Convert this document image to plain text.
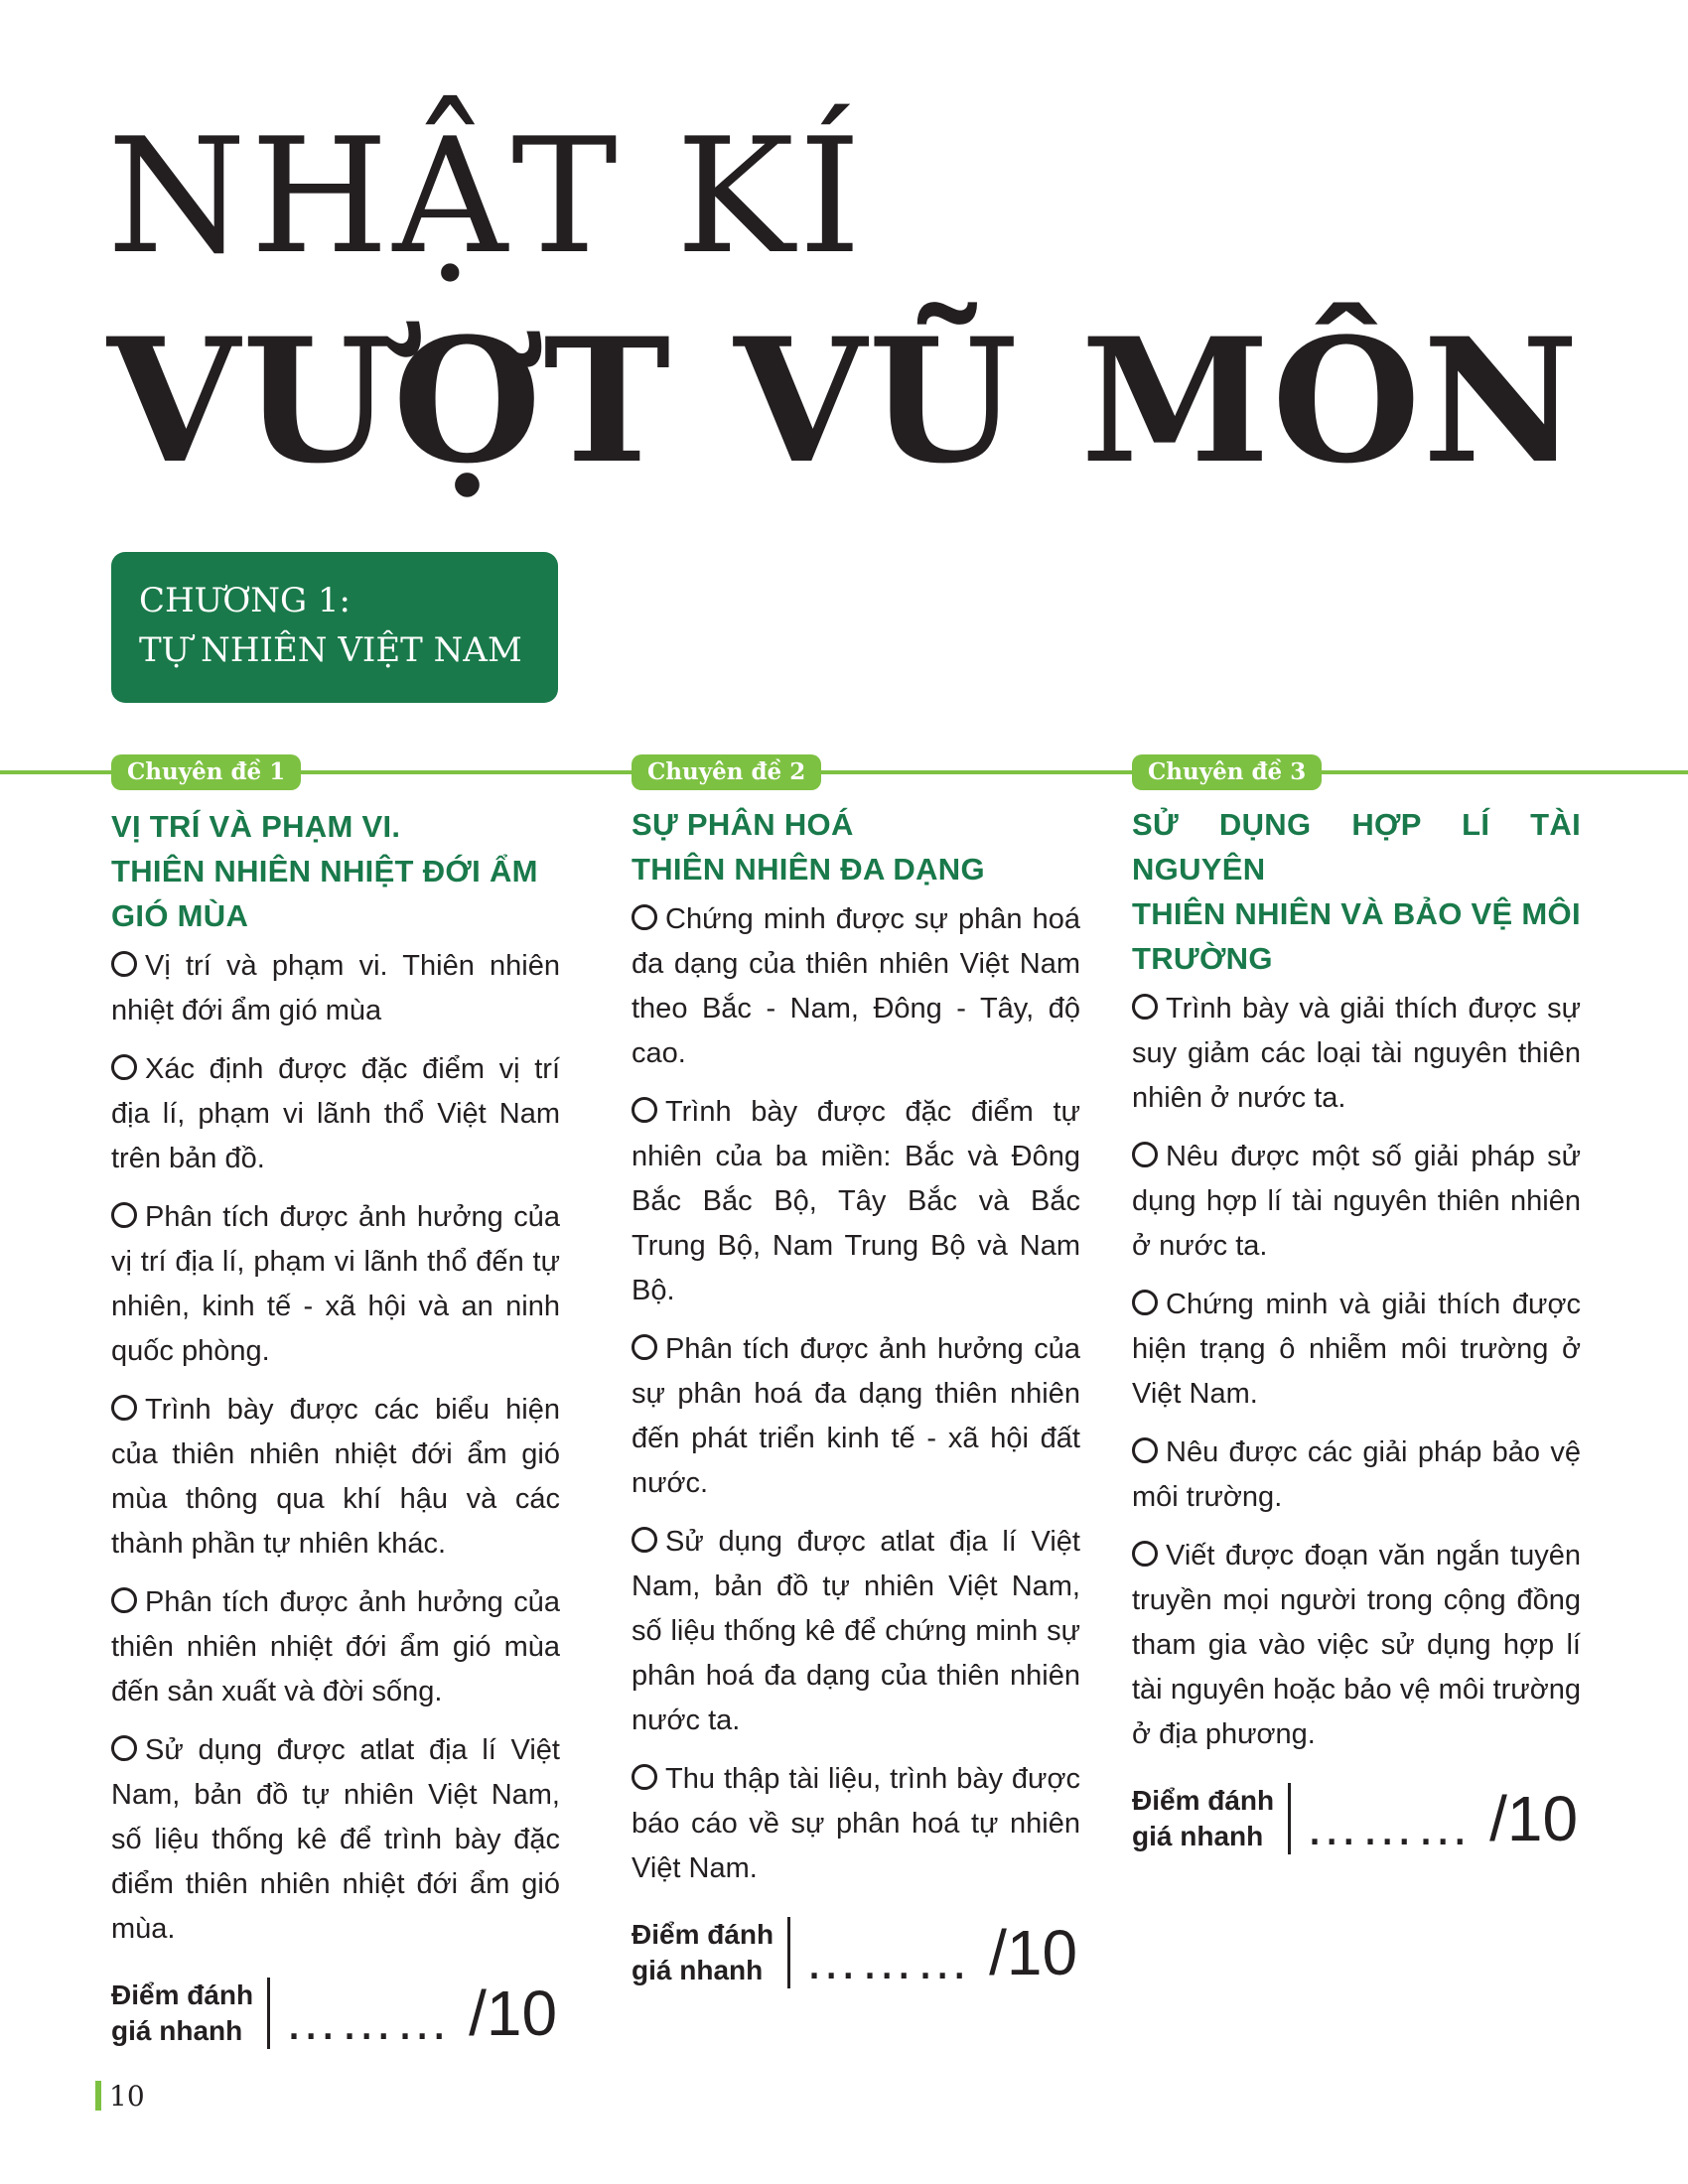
NHẬT KÍ
VƯỢT VŨ MÔN
CHƯƠNG 1:
TỰ NHIÊN VIỆT NAM
Chuyên đề 1	Chuyên đề 2	Chuyên đề 3
VỊ TRÍ VÀ PHẠM VI.
THIÊN NHIÊN NHIỆT ĐỚI ẨM
GIÓ MÙA
Vị trí và phạm vi. Thiên nhiên nhiệt đới ẩm gió mùa
Xác định được đặc điểm vị trí địa lí, phạm vi lãnh thổ Việt Nam trên bản đồ.
Phân tích được ảnh hưởng của vị trí địa lí, phạm vi lãnh thổ đến tự nhiên, kinh tế - xã hội và an ninh quốc phòng.
Trình bày được các biểu hiện của thiên nhiên nhiệt đới ẩm gió mùa thông qua khí hậu và các thành phần tự nhiên khác.
Phân tích được ảnh hưởng của thiên nhiên nhiệt đới ẩm gió mùa đến sản xuất và đời sống.
Sử dụng được atlat địa lí Việt Nam, bản đồ tự nhiên Việt Nam, số liệu thống kê để trình bày đặc điểm thiên nhiên nhiệt đới ẩm gió mùa.
Điểm đánh
giá nhanh ……… /10
SỰ PHÂN HOÁ
THIÊN NHIÊN ĐA DẠNG
Chứng minh được sự phân hoá đa dạng của thiên nhiên Việt Nam theo Bắc - Nam, Đông - Tây, độ cao.
Trình bày được đặc điểm tự nhiên của ba miền: Bắc và Đông Bắc Bắc Bộ, Tây Bắc và Bắc Trung Bộ, Nam Trung Bộ và Nam Bộ.
Phân tích được ảnh hưởng của sự phân hoá đa dạng thiên nhiên đến phát triển kinh tế - xã hội đất nước.
Sử dụng được atlat địa lí Việt Nam, bản đồ tự nhiên Việt Nam, số liệu thống kê để chứng minh sự phân hoá đa dạng của thiên nhiên nước ta.
Thu thập tài liệu, trình bày được báo cáo về sự phân hoá tự nhiên Việt Nam.
Điểm đánh
giá nhanh ……… /10
SỬ DỤNG HỢP LÍ TÀI NGUYÊN
THIÊN NHIÊN VÀ BẢO VỆ MÔI
TRƯỜNG
Trình bày và giải thích được sự suy giảm các loại tài nguyên thiên nhiên ở nước ta.
Nêu được một số giải pháp sử dụng hợp lí tài nguyên thiên nhiên ở nước ta.
Chứng minh và giải thích được hiện trạng ô nhiễm môi trường ở Việt Nam.
Nêu được các giải pháp bảo vệ môi trường.
Viết được đoạn văn ngắn tuyên truyền mọi người trong cộng đồng tham gia vào việc sử dụng hợp lí tài nguyên hoặc bảo vệ môi trường ở địa phương.
Điểm đánh
giá nhanh ……… /10
10
